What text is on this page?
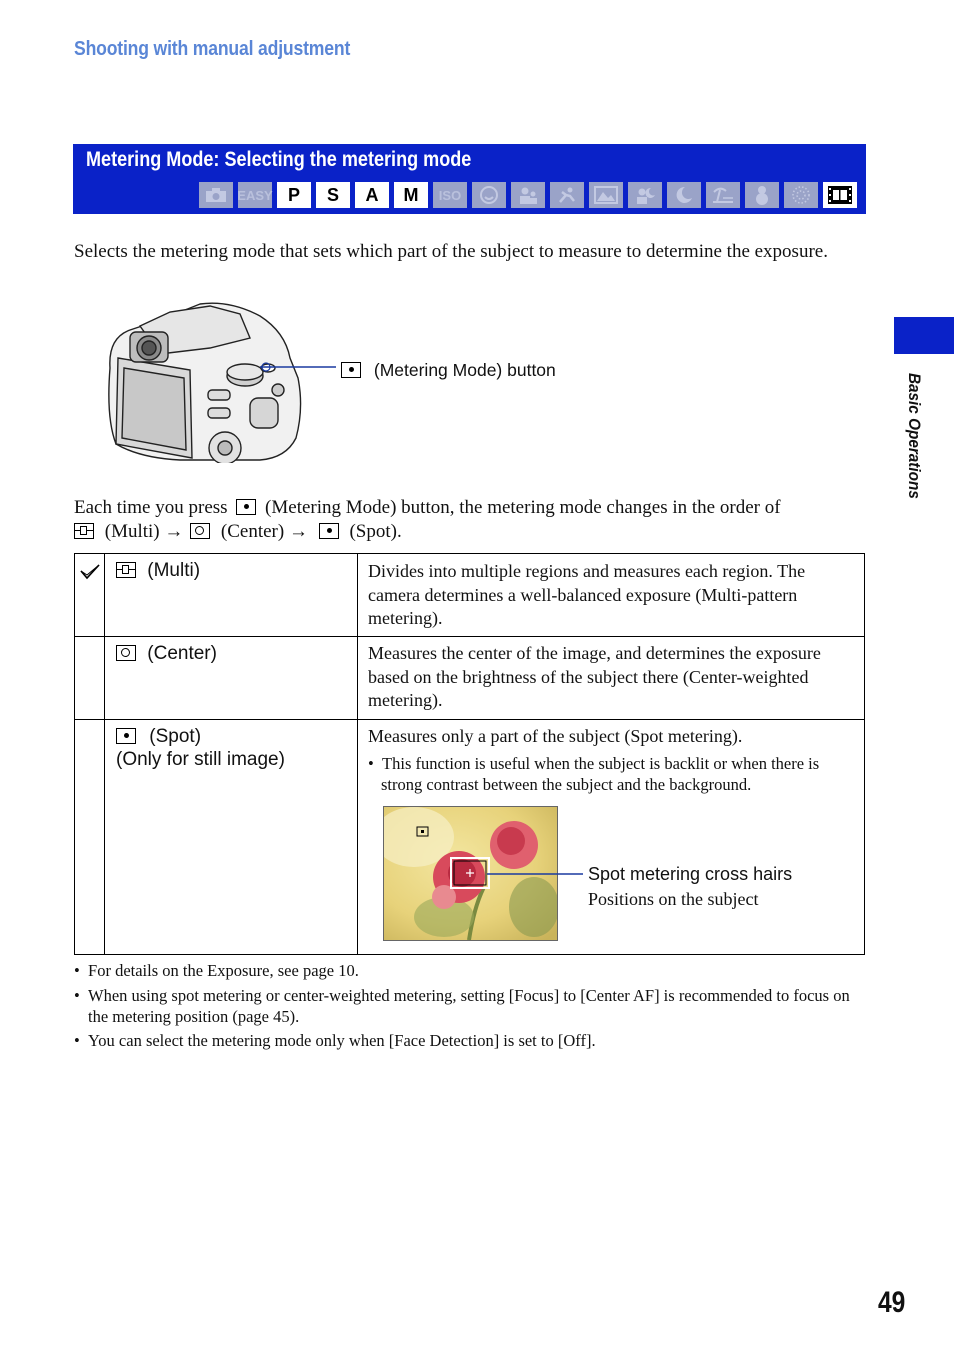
Shooting with manual adjustment
Metering Mode: Selecting the metering mode
EASY P	S	A	M	ISO
Selects the metering mode that sets which part of the subject to measure to determine the exposure.
(Metering Mode) button
Each time you press (Metering Mode) button, the metering mode changes in the order of
(Multi) → (Center) → (Spot).
(Multi)	Divides into multiple regions and measures each region. The camera determines a well-balanced exposure (Multi-pattern metering).
(Center)	Measures the center of the image, and determines the exposure based on the brightness of the subject there (Center-weighted metering).
(Spot)
(Only for still image)
Measures only a part of the subject (Spot metering).
•  This function is useful when the subject is backlit or when there is strong contrast between the subject and the background.
Spot metering cross hairs
Positions on the subject
•  For details on the Exposure, see page 10.
•  When using spot metering or center-weighted metering, setting [Focus] to [Center AF] is recommended to focus on the metering position (page 45).
•  You can select the metering mode only when [Face Detection] is set to [Off].
Basic Operations
49
